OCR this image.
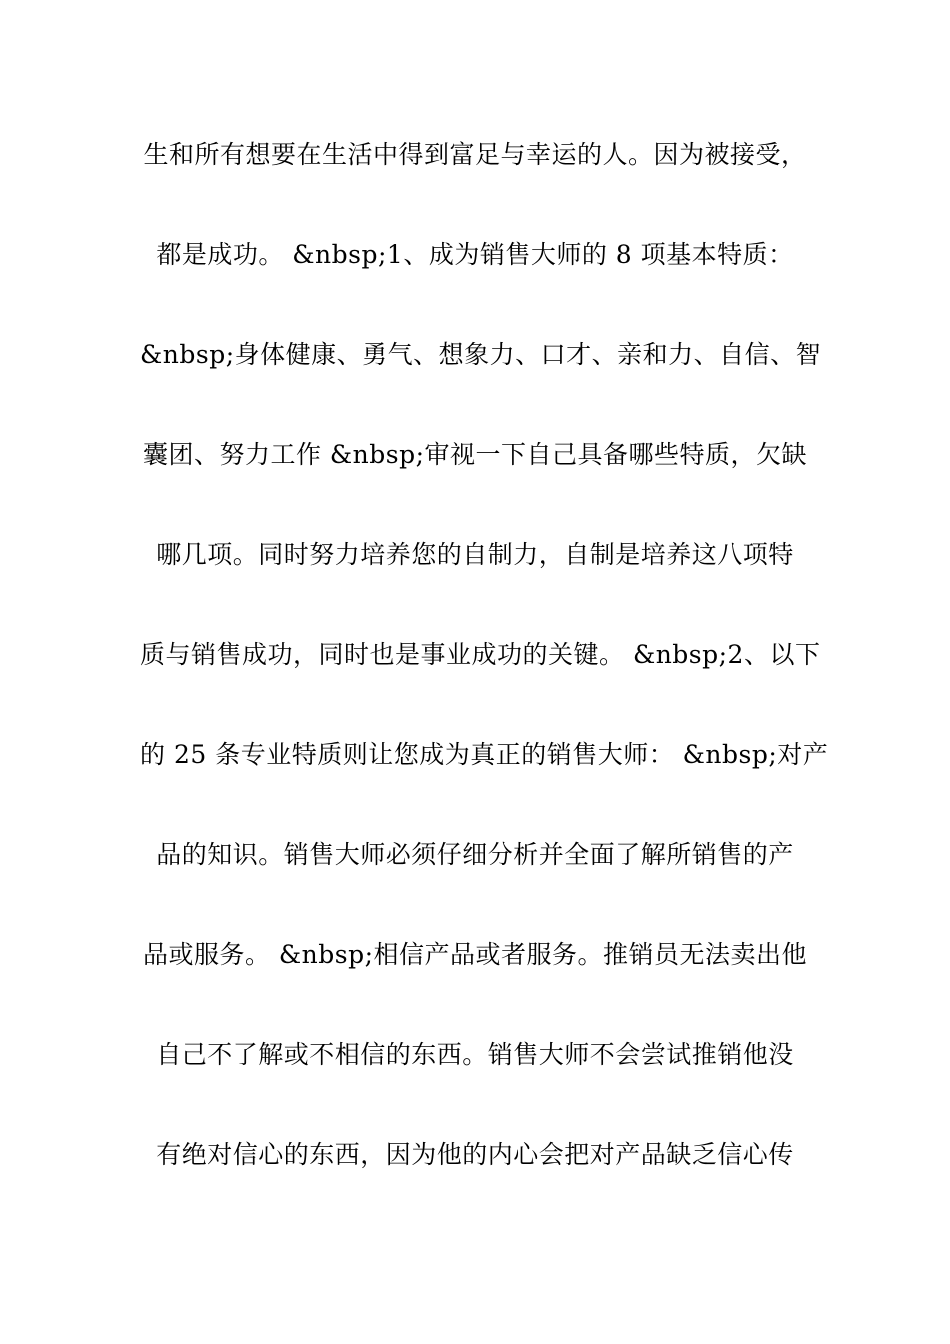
生和所有想要在生活中得到富足与幸运的人。因为被接受，
都是成功。 &nbsp;1、成为销售大师的 8 项基本特质：
&nbsp;身体健康、勇气、想象力、口才、亲和力、自信、智
囊团、努力工作 &nbsp;审视一下自己具备哪些特质，欠缺
哪几项。同时努力培养您的自制力，自制是培养这八项特
质与销售成功，同时也是事业成功的关键。 &nbsp;2、以下
的 25 条专业特质则让您成为真正的销售大师： &nbsp;对产
品的知识。销售大师必须仔细分析并全面了解所销售的产
品或服务。 &nbsp;相信产品或者服务。推销员无法卖出他
自己不了解或不相信的东西。销售大师不会尝试推销他没
有绝对信心的东西，因为他的内心会把对产品缺乏信心传
